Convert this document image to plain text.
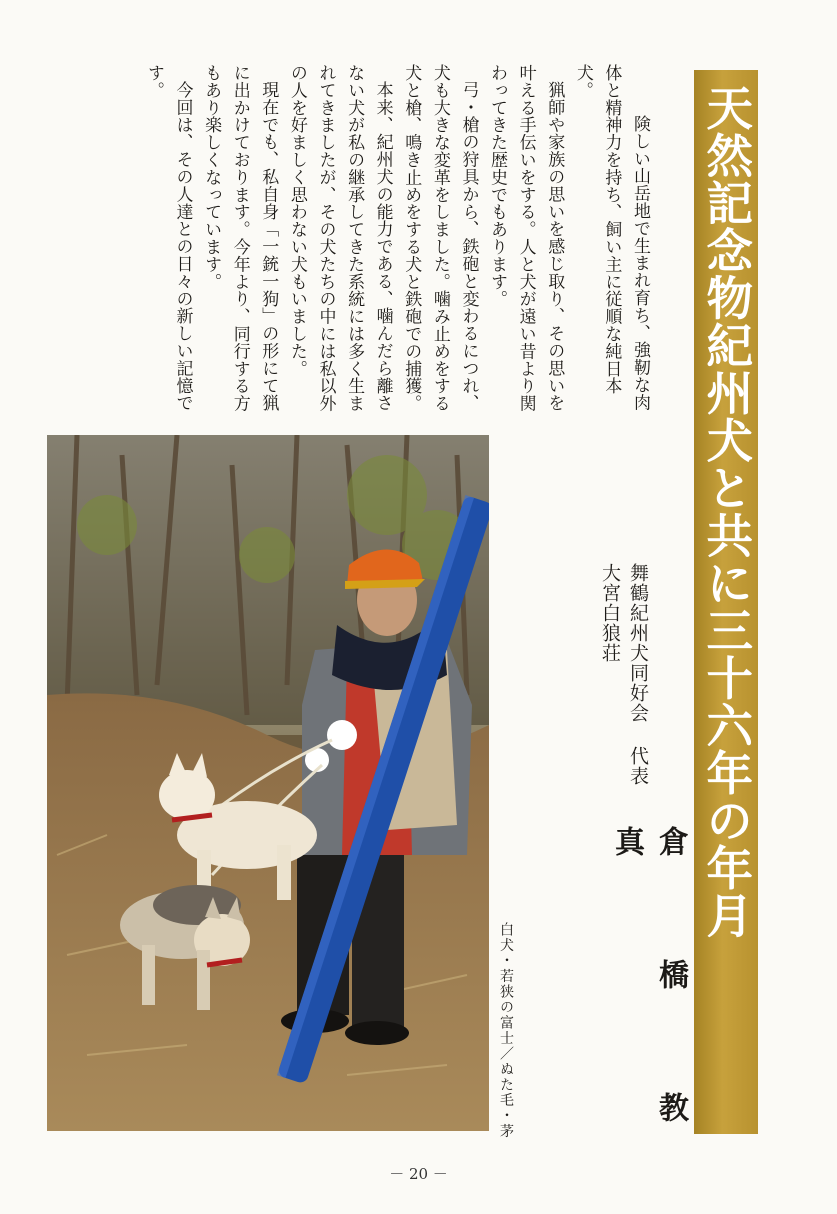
天然記念物紀州犬と共に三十六年の年月

険しい山岳地で生まれ育ち、強靭な肉体と精神力を持ち、飼い主に従順な純日本犬。

猟師や家族の思いを感じ取り、その思いを叶える手伝いをする。人と犬が遠い昔より関わってきた歴史でもあります。

弓・槍の狩具から、鉄砲と変わるにつれ、犬も大きな変革をしました。噛み止めをする犬と槍、鳴き止めをする犬と鉄砲での捕獲。

本来、紀州犬の能力である、噛んだら離さない犬が私の継承してきた系統には多く生まれてきましたが、その犬たちの中には私以外の人を好ましく思わない犬もいました。

現在でも、私自身「一銃一狗」の形にて猟に出かけております。今年より、同行する方もあり楽しくなっています。

今回は、その人達との日々の新しい記憶です。

舞鶴紀州犬同好会 代表
大宮白狼荘
倉 橋 教 真
白犬・若狭の富士／ぬた毛・茅
－ 20 －
